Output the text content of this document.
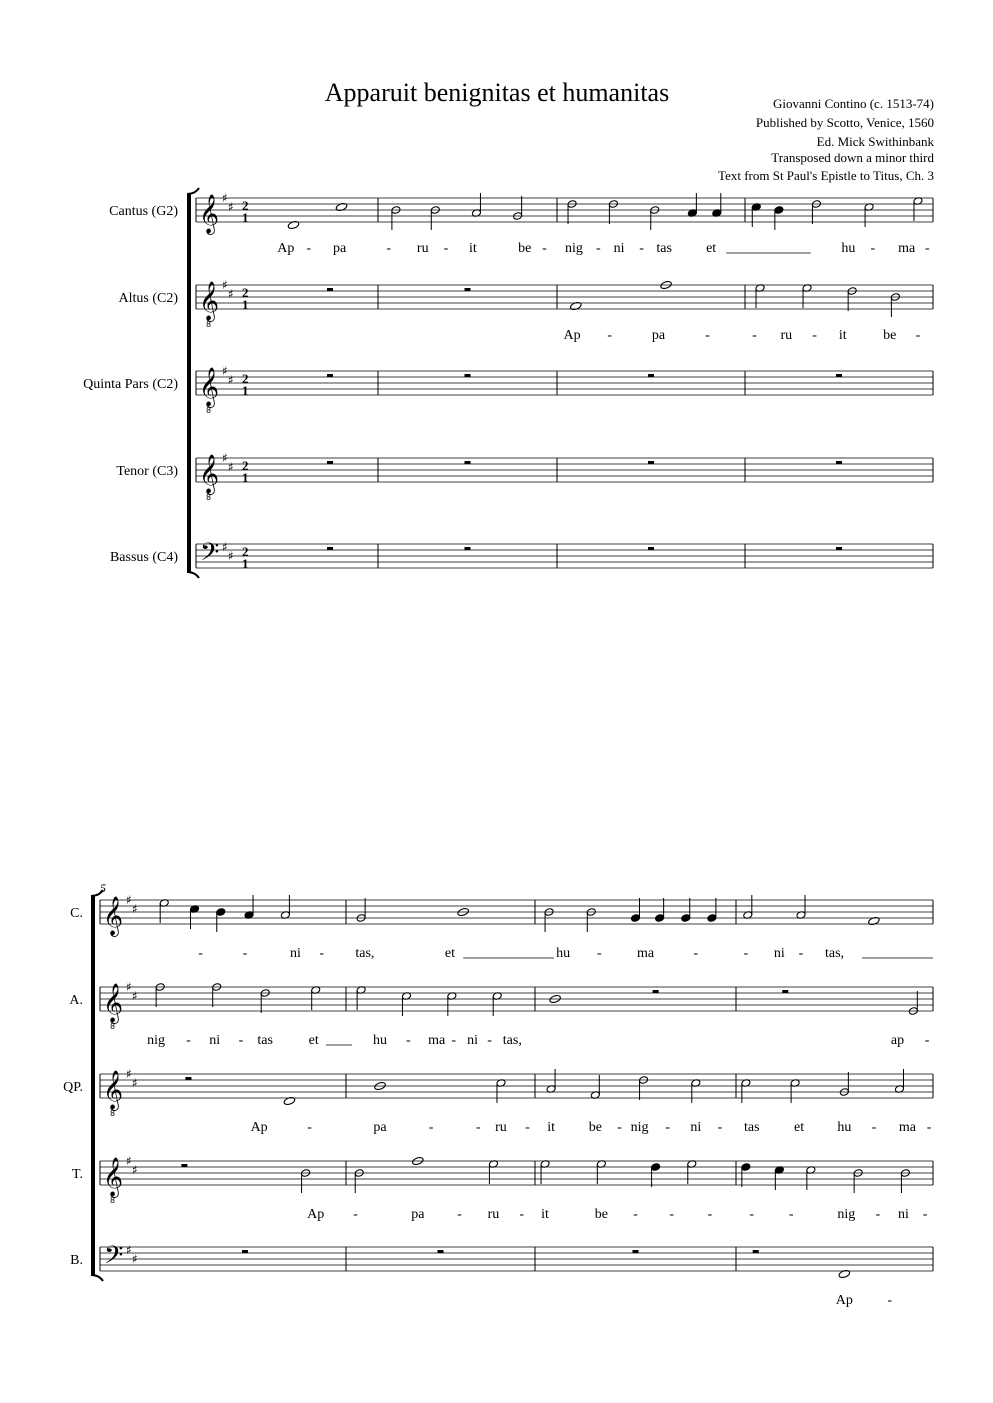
Apparuit benignitas et humanitas	Giovanni Contino (c. 1513-74)
Published by Scotto, Venice, 1560
Ed. Mick Swithinbank
Transposed down a minor third
Text from St Paul's Epistle to Titus, Ch. 3
Cantus (G2) 𝄞 ♯
♯ 2
1
Ap - pa	- ru - it	be - nig - ni - tas et	hu - ma -
Altus (C2) 𝄞
8
♯
♯ 2
1
Ap -	pa	-	- ru - it	be -
Quinta Pars (C2) 𝄞
8
♯
♯ 2
1
Tenor (C3) 𝄞
8
♯
♯ 2
1
Bassus (C4) 𝄢 ♯
♯ 2
1
5
C. 𝄞 ♯
♯
-	-	ni - tas,	et	hu -	ma	-	- ni - tas,
A. 𝄞
8
♯
♯
nig - ni - tas	et	hu - ma - ni - tas,	ap -
QP. 𝄞
8
♯
♯
Ap	-	pa	-	- ru - it be - nig - ni - tas et hu - ma -
T. 𝄞
8
♯
♯
Ap -	pa - ru - it	be - - -	- -	nig - ni -
B. 𝄢 ♯
♯
Ap -
